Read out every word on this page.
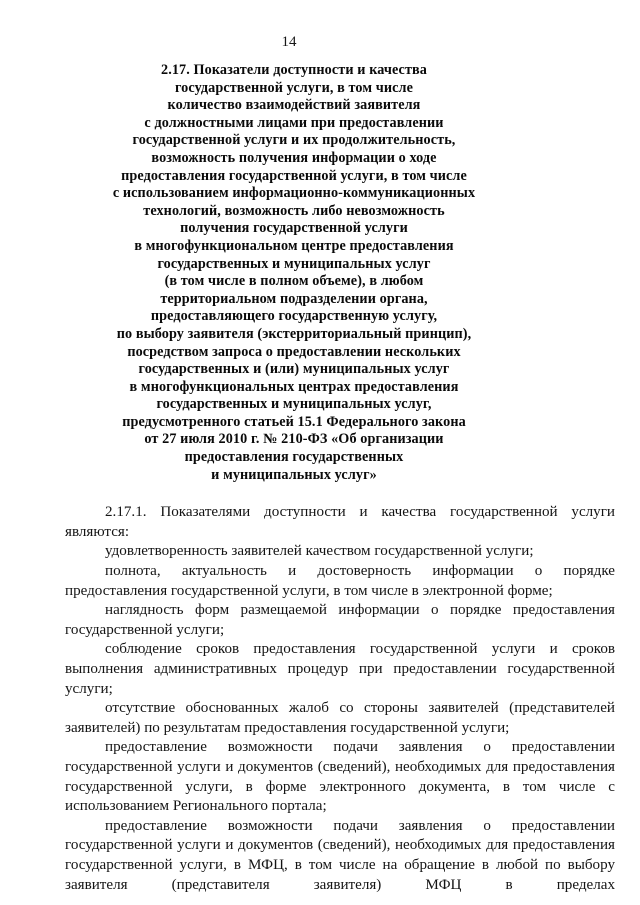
14
2.17. Показатели доступности и качества
государственной услуги, в том числе
количество взаимодействий заявителя
с должностными лицами при предоставлении
государственной услуги и их продолжительность,
возможность получения информации о ходе
предоставления государственной услуги, в том числе
с использованием информационно-коммуникационных
технологий, возможность либо невозможность
получения государственной услуги
в многофункциональном центре предоставления
государственных и муниципальных услуг
(в том числе в полном объеме), в любом
территориальном подразделении органа,
предоставляющего государственную услугу,
по выбору заявителя (экстерриториальный принцип),
посредством запроса о предоставлении нескольких
государственных и (или) муниципальных услуг
в многофункциональных центрах предоставления
государственных и муниципальных услуг,
предусмотренного статьей 15.1 Федерального закона
от 27 июля 2010 г. № 210-ФЗ «Об организации
предоставления государственных
и муниципальных услуг»

2.17.1. Показателями доступности и качества государственной услуги являются:

удовлетворенность заявителей качеством государственной услуги;

полнота, актуальность и достоверность информации о порядке предоставления государственной услуги, в том числе в электронной форме;

наглядность форм размещаемой информации о порядке предоставления государственной услуги;

соблюдение сроков предоставления государственной услуги и сроков выполнения административных процедур при предоставлении государственной услуги;

отсутствие обоснованных жалоб со стороны заявителей (представителей заявителей) по результатам предоставления государственной услуги;

предоставление возможности подачи заявления о предоставлении государственной услуги и документов (сведений), необходимых для предоставления государственной услуги, в форме электронного документа, в том числе с использованием Регионального портала;

предоставление возможности подачи заявления о предоставлении государственной услуги и документов (сведений), необходимых для предоставления государственной услуги, в МФЦ, в том числе на обращение в любой по выбору заявителя (представителя заявителя) МФЦ в пределах
